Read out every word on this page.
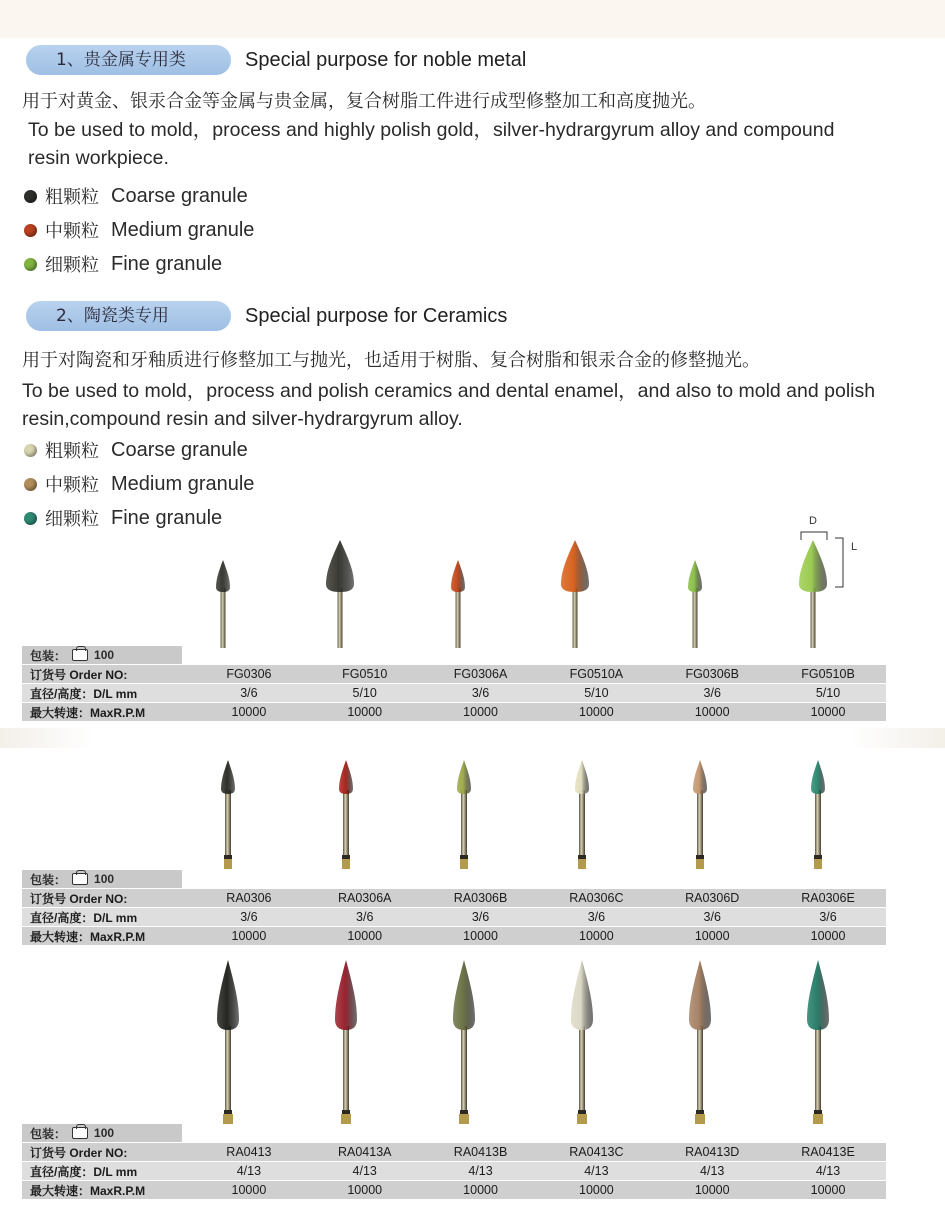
1、贵金属专用类	Special purpose for noble metal
用于对黄金、银汞合金等金属与贵金属，复合树脂工件进行成型修整加工和高度抛光。
To be used to mold，process and highly polish gold，silver-hydrargyrum alloy and compound resin workpiece.
粗颗粒 Coarse granule
中颗粒 Medium granule
细颗粒 Fine granule
2、陶瓷类专用	Special purpose for Ceramics
用于对陶瓷和牙釉质进行修整加工与抛光，也适用于树脂、复合树脂和银汞合金的修整抛光。
To be used to mold，process and polish ceramics and dental enamel，and also to mold and polish resin,compound resin and silver-hydrargyrum alloy.
粗颗粒 Coarse granule
中颗粒 Medium granule
细颗粒 Fine granule	D
L
包装： 100
订货号 Order NO:	FG0306	FG0510	FG0306A	FG0510A	FG0306B	FG0510B
直径/高度：D/L mm	3/6	5/10	3/6	5/10	3/6	5/10
最大转速：MaxR.P.M	10000	10000	10000	10000	10000	10000
包装： 100
订货号 Order NO:	RA0306	RA0306A	RA0306B	RA0306C	RA0306D	RA0306E
直径/高度：D/L mm	3/6	3/6	3/6	3/6	3/6	3/6
最大转速：MaxR.P.M	10000	10000	10000	10000	10000	10000
包装： 100
订货号 Order NO:	RA0413	RA0413A	RA0413B	RA0413C	RA0413D	RA0413E
直径/高度：D/L mm	4/13	4/13	4/13	4/13	4/13	4/13
最大转速：MaxR.P.M	10000	10000	10000	10000	10000	10000
